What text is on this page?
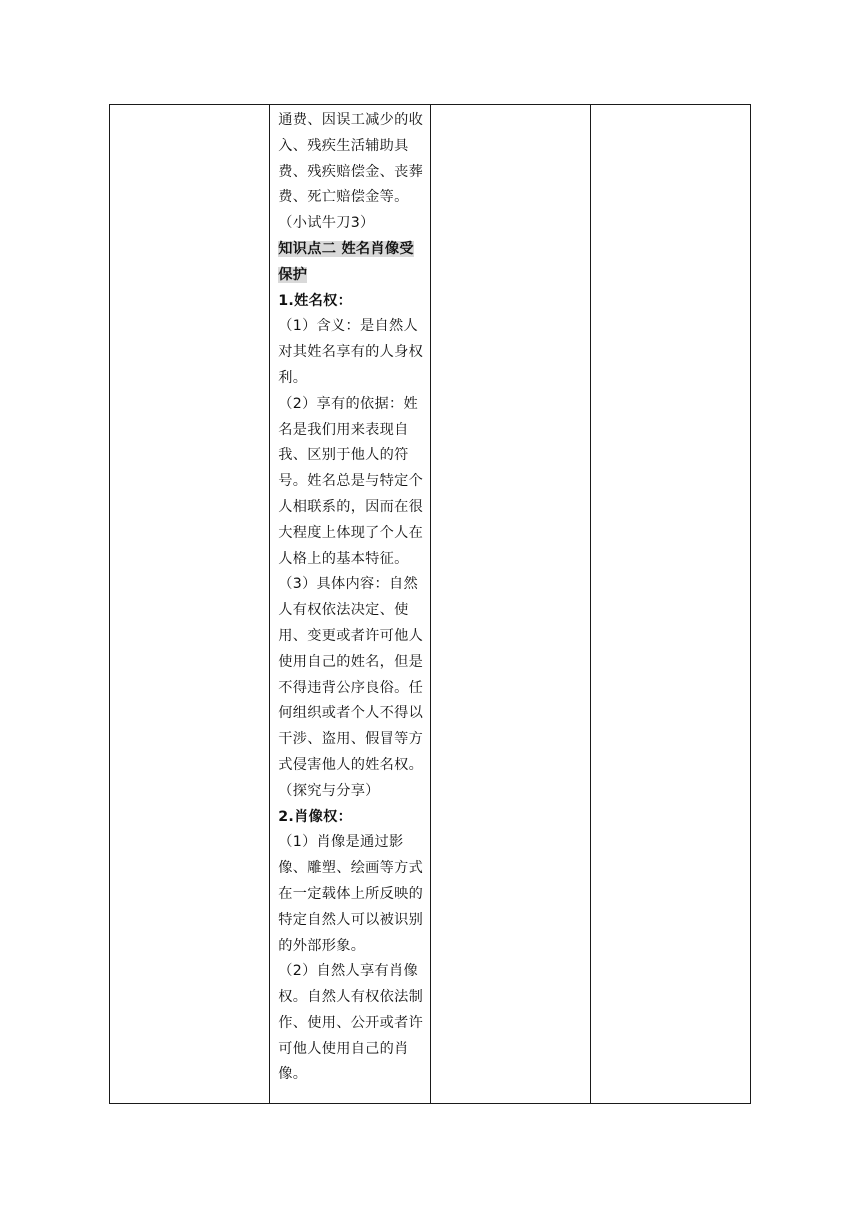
通费、因误工减少的收入、残疾生活辅助具费、残疾赔偿金、丧葬费、死亡赔偿金等。（小试牛刀3）

知识点二 姓名肖像受保护

1.姓名权：

（1）含义：是自然人对其姓名享有的人身权利。

（2）享有的依据：姓名是我们用来表现自我、区别于他人的符号。姓名总是与特定个人相联系的，因而在很大程度上体现了个人在人格上的基本特征。

（3）具体内容：自然人有权依法决定、使用、变更或者许可他人使用自己的姓名，但是不得违背公序良俗。任何组织或者个人不得以干涉、盗用、假冒等方式侵害他人的姓名权。（探究与分享）

2.肖像权：

（1）肖像是通过影像、雕塑、绘画等方式在一定载体上所反映的特定自然人可以被识别的外部形象。

（2）自然人享有肖像权。自然人有权依法制作、使用、公开或者许可他人使用自己的肖像。
